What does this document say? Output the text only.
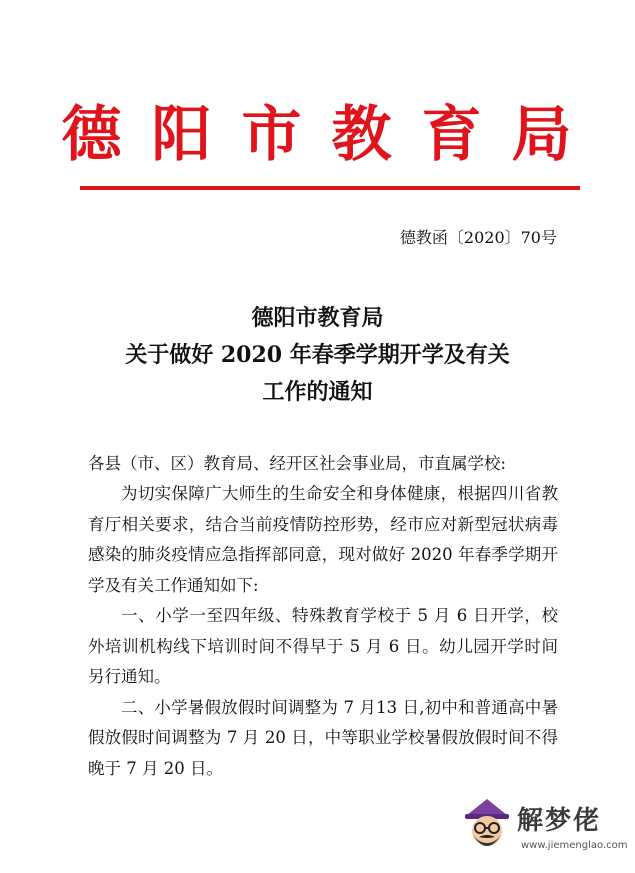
德阳市教育局
德教函〔2020〕70号
德阳市教育局
关于做好 2020 年春季学期开学及有关
工作的通知
各县（市、区）教育局、经开区社会事业局，市直属学校:

为切实保障广大师生的生命安全和身体健康，根据四川省教育厅相关要求，结合当前疫情防控形势，经市应对新型冠状病毒感染的肺炎疫情应急指挥部同意，现对做好 2020 年春季学期开学及有关工作通知如下:

一、小学一至四年级、特殊教育学校于 5 月 6 日开学，校外培训机构线下培训时间不得早于 5 月 6 日。幼儿园开学时间另行通知。

二、小学暑假放假时间调整为 7 月13 日,初中和普通高中暑假放假时间调整为 7 月 20 日，中等职业学校暑假放假时间不得晚于 7 月 20 日。

解梦佬
www.jiemenglao.com
